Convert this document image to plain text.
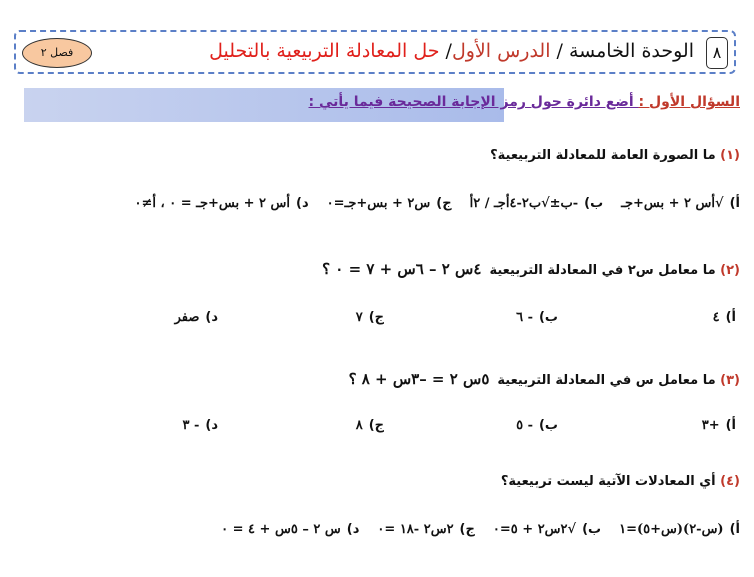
٨
الوحدة الخامسة / الدرس الأول/ حل المعادلة التربيعية بالتحليل
فصل ٢
السؤال الأول : أضع دائرة حول رمز الإجابة الصحيحة فيما يأتي :
(١) ما الصورة العامة للمعادلة التربيعية؟
أ)√أس ٢ + بس+جـب)-ب±√ب٢-٤أجـ / ٢أج)س٢ + بس+جـ=٠د)أس ٢ + بس+جـ = ٠ ، أ≠٠
(٢) ما معامل س٢ في المعادلة التربيعية٤س ٢ – ٦س + ٧ = ٠ ؟
أ)٤
ب)- ٦
ج)٧
د)صفر
(٣) ما معامل س في المعادلة التربيعية٥س ٢ = –٣س + ٨ ؟
أ)+٣
ب)- ٥
ج)٨
د)- ٣
(٤) أي المعادلات الآتية ليست تربيعية؟
أ)(س-٢)(س+٥)=١ب)√٢س٢ + ٥=٠ج)٢س٢ -١٨ =٠د)س ٢ – ٥س + ٤ = ٠
